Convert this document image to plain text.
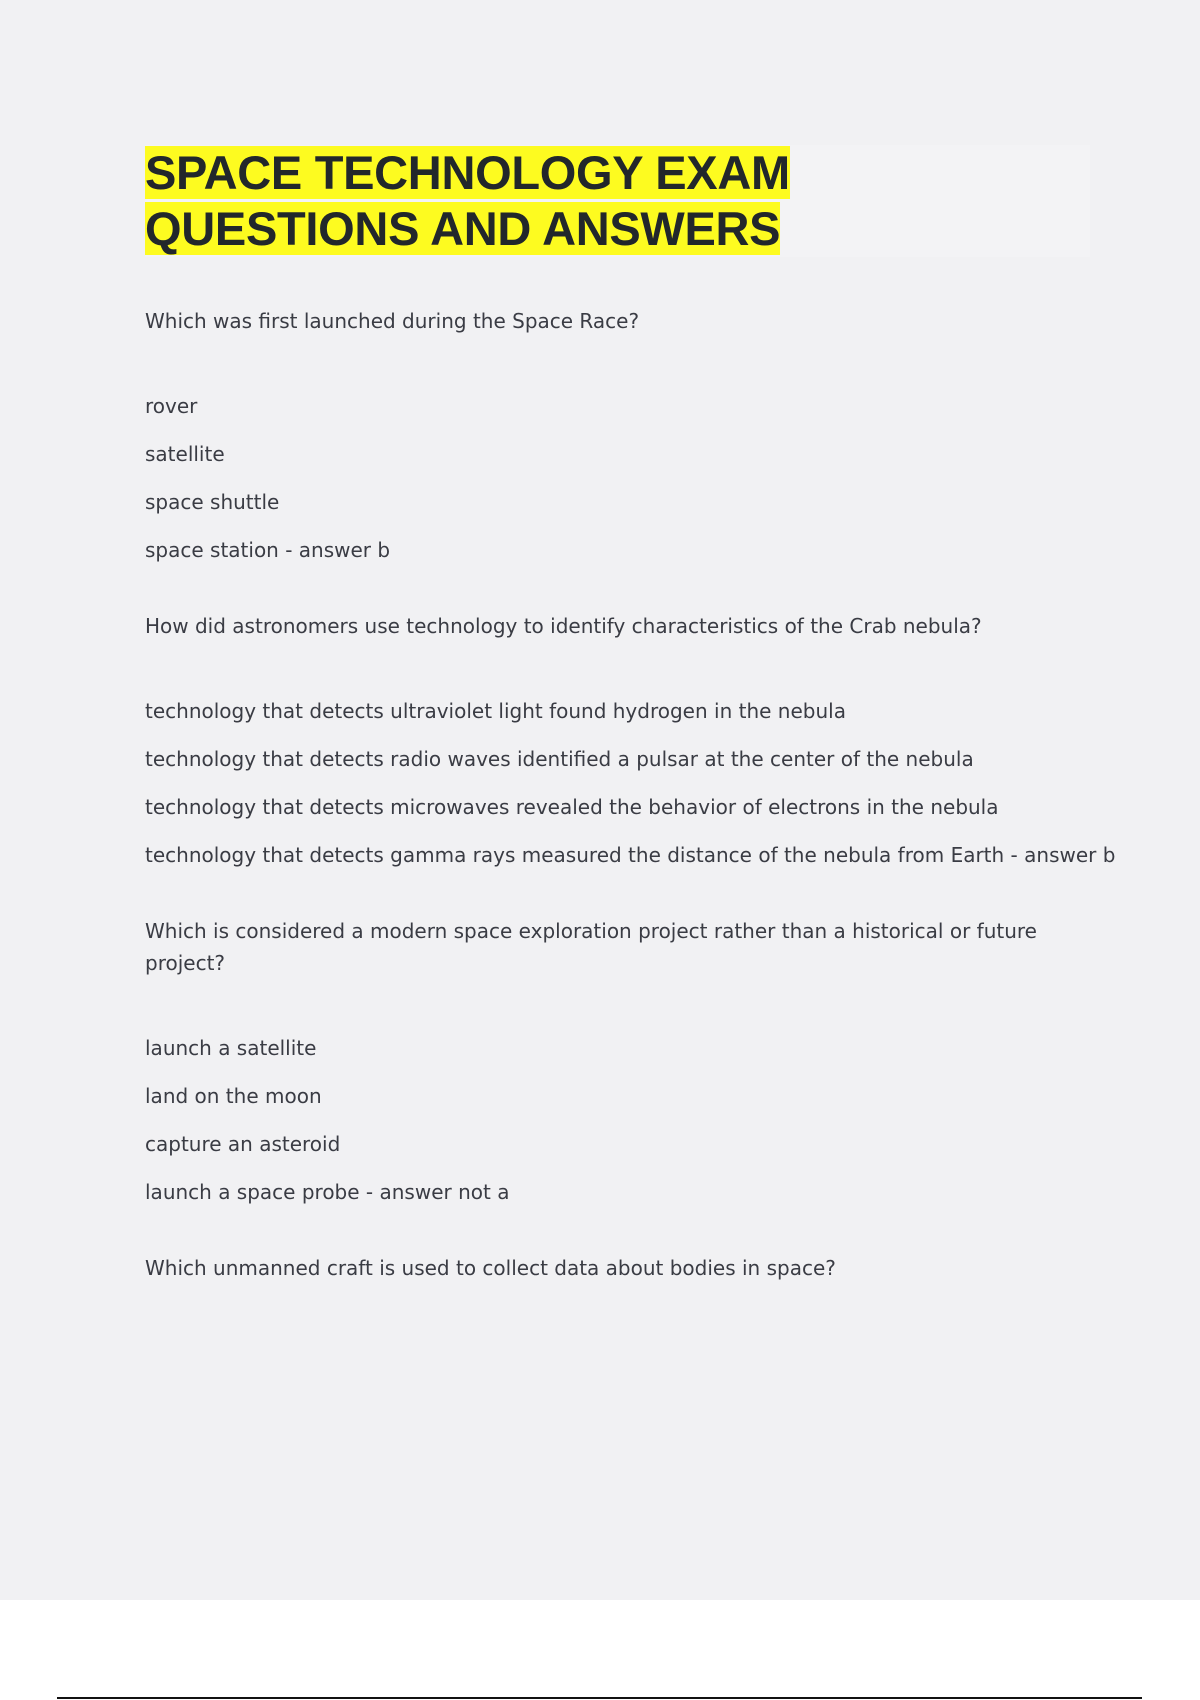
SPACE TECHNOLOGY EXAM
QUESTIONS AND ANSWERS

Which was first launched during the Space Race?

rover

satellite

space shuttle

space station - answer b

How did astronomers use technology to identify characteristics of the Crab nebula?

technology that detects ultraviolet light found hydrogen in the nebula

technology that detects radio waves identified a pulsar at the center of the nebula

technology that detects microwaves revealed the behavior of electrons in the nebula

technology that detects gamma rays measured the distance of the nebula from Earth - answer b

Which is considered a modern space exploration project rather than a historical or future project?

launch a satellite

land on the moon

capture an asteroid

launch a space probe - answer not a

Which unmanned craft is used to collect data about bodies in space?
